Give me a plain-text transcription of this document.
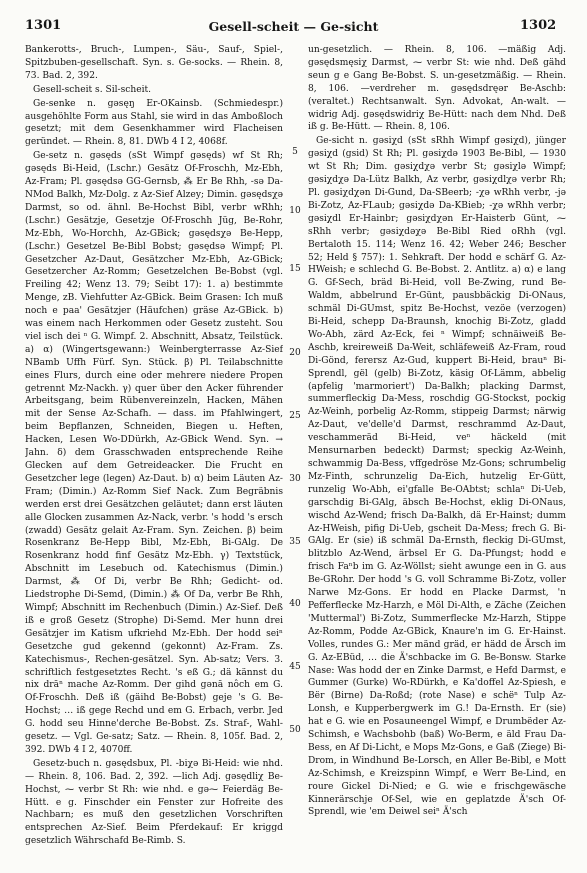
1301	Gesell-scheit — Ge-sicht	1302

Bankerotts-, Bruch-, Lumpen-, Säu-, Sauf-, Spiel-, Spitzbuben-gesellschaft. Syn. s. Ge-socks. — Rhein. 8, 73. Bad. 2, 392.

Gesell-scheit s. Sil-scheit.

Ge-senke n. gəsęŋ Er-OKainsb. (Schmiedespr.) ausgehöhlte Form aus Stahl, sie wird in das Amboßloch gesetzt; mit dem Gesenkhammer wird Flacheisen geründet. — Rhein. 8, 81. DWb 4 I 2, 4068f.

Ge-setz n. gəsęds (sSt Wimpf gəsęds) wf St Rh; gəsęds Bi-Heid, (Lschr.) Gesätz Of-Froschh, Mz-Ebh, Az-Fram; Pl. gəsędsə GG-Gernsb, ⁂ Er Be Rhh, -sə Da-NMod Balkh, Mz-Dolg. z Az-Sief Alzey; Dimin. gəsędsχə Darmst, so od. ähnl. Be-Hochst Bibl, verbr wRhh; (Lschr.) Gesätzje, Gesetzje Of-Froschh Jüg, Be-Rohr, Mz-Ebh, Wo-Horchh, Az-GBick; gəsędsχə Be-Hepp, (Lschr.) Gesetzel Be-Bibl Bobst; gəsędsə Wimpf; Pl. Gesetzcher Az-Daut, Gesätzcher Mz-Ebh, Az-GBick; Gesetzercher Az-Romm; Gesetzelchen Be-Bobst (vgl. Freiling 42; Wenz 13. 79; Seibt 17): 1. a) bestimmte Menge, zB. Viehfutter Az-GBick. Beim Grasen: Ich muß noch e paa' Gesätzjer (Häufchen) gräse Az-GBick. b) was einem nach Herkommen oder Gesetz zusteht. Sou viel isch dei ⁿ G. Wimpf. 2. Abschnitt, Absatz, Teilstück. a) α) (Wingertsgewann:) Weinbergterrasse Az-Sief NBamb Uffh Fürf. Syn. Stück. β) Pl. Teilabschnitte eines Flurs, durch eine oder mehrere niedere Propen getrennt Mz-Nackh. γ) quer über den Acker führender Arbeitsgang, beim Rübenvereinzeln, Hacken, Mähen mit der Sense Az-Schafh. — dass. im Pfahlwingert, beim Bepflanzen, Schneiden, Biegen u. Heften, Hacken, Lesen Wo-DDürkh, Az-GBick Wend. Syn. → Jahn. δ) dem Grasschwaden entsprechende Reihe Glecken auf dem Getreideacker. Die Frucht en Gesetzcher lege (legen) Az-Daut. b) α) beim Läuten Az-Fram; (Dimin.) Az-Romm Sief Nack. Zum Begräbnis werden erst drei Gesätzchen geläutet; dann erst läuten alle Glocken zusammen Az-Nack, verbr. 's hodd 's ersch (zwadd) Gesätz gelait Az-Fram. Syn. Zeichen. β) beim Rosenkranz Be-Hepp Bibl, Mz-Ebh, Bi-GAlg. De Rosenkranz hodd finf Gesätz Mz-Ebh. γ) Textstück, Abschnitt im Lesebuch od. Katechismus (Dimin.) Darmst, ⁂ Of Di, verbr Be Rhh; Gedicht- od. Liedstrophe Di-Semd, (Dimin.) ⁂ Of Da, verbr Be Rhh, Wimpf; Abschnitt im Rechenbuch (Dimin.) Az-Sief. Deß iß e groß Gesetz (Strophe) Di-Semd. Mer hunn drei Gesätzjer im Katism ufkriehd Mz-Ebh. Der hodd seiⁿ Gesetzche gud gekennd (gekonnt) Az-Fram. Zs. Katechismus-, Rechen-gesätzel. Syn. Ab-satz; Vers. 3. schriftlich festgesetztes Recht. 's eß G.; dä kännst du nix drāⁿ mache Az-Romm. Der gihd gənā nôch em G. Of-Froschh. Deß iß (gäihd Be-Bobst) geje 's G. Be-Hochst; … iß gege Rechd und em G. Erbach, verbr. Jed G. hodd seu Hinne'derche Be-Bobst. Zs. Straf-, Wahl-gesetz. — Vgl. Ge-satz; Satz. — Rhein. 8, 105f. Bad. 2, 392. DWb 4 I 2, 4070ff.

Gesetz-buch n. gəsędsbux, Pl. -biχə Bi-Heid: wie nhd. — Rhein. 8, 106. Bad. 2, 392. —lich Adj. gəsędliχ Be-Hochst, ⁓ verbr St Rh: wie nhd. e gə⁓ Feierdäg Be-Hütt. e g. Finschder ein Fenster zur Hofreite des Nachbarn; es muß den gesetzlichen Vorschriften entsprechen Az-Sief. Beim Pferdekauf: Er kriggd gesetzlich Währschafd Be-Rimb. S.

5
10
15
20
25
30
35
40
45
50

un-gesetzlich. — Rhein. 8, 106. —mäßig Adj. gəsędsmęsiχ Darmst, ⁓ verbr St: wie nhd. Deß gähd seun g e Gang Be-Bobst. S. un-gesetzmäßig. — Rhein. 8, 106. —verdreher m. gəsędsdręər Be-Aschb: (veraltet.) Rechtsanwalt. Syn. Advokat, An-walt. —widrig Adj. gəsędswidriχ Be-Hütt: nach dem Nhd. Deß iß g. Be-Hütt. — Rhein. 8, 106.

Ge-sicht n. gəsiχd (sSt sRhh Wimpf gəsiχd), jünger gəsiχd (gsid) St Rh; Pl. gəsiχdə 1903 Be-Bibl, — 1930 wt St Rh; Dim. gəsiχdχə verbr St; gəsiχlə Wimpf; gəsiχdχə Da-Lütz Balkh, Az verbr, gəsiχdlχə verbr Rh; Pl. gəsiχdχən Di-Gund, Da-SBeerb; -χə wRhh verbr, -jə Bi-Zotz, Az-FLaub; gəsiχdə Da-KBieb; -χə wRhh verbr; gəsiχdl Er-Hainbr; gəsiχdχən Er-Haisterb Günt, ⁓ sRhh verbr; gəsiχdəχə Be-Bibl Ried oRhh (vgl. Bertaloth 15. 114; Wenz 16. 42; Weber 246; Bescher 52; Held § 757): 1. Sehkraft. Der hodd e schärf G. Az-HWeish; e schlechd G. Be-Bobst. 2. Antlitz. a) α) e lang G. Gf-Sech, bräd Bi-Heid, voll Be-Zwing, rund Be-Waldm, abbelrund Er-Günt, pausbbäckig Di-ONaus, schmäl Di-GUmst, spitz Be-Hochst, vezöe (verzogen) Bi-Heid, schepp Da-Braunsh, knochig Bi-Zotz, gladd Wo-Abh, zärd Az-Eck, fei ⁿ Wimpf; schnäiweiß Be-Aschb, kreireweiß Da-Weit, schläfeweiß Az-Fram, roud Di-Gönd, ferersz Az-Gud, kuppert Bi-Heid, brauⁿ Bi-Sprendl, gël (gelb) Bi-Zotz, käsig Of-Lämm, abbelig (apfelig 'marmoriert') Da-Balkh; placking Darmst, summerfleckig Da-Mess, roschdig GG-Stockst, pockig Az-Weinh, porbelig Az-Romm, stippeig Darmst; närwig Az-Daut, ve'delle'd Darmst, reschrammd Az-Daut, veschammeräd Bi-Heid, veⁿ häckeld (mit Mensurnarben bedeckt) Darmst; speckig Az-Weinh, schwammig Da-Bess, vffgedröse Mz-Gons; schrumbelig Mz-Finth, schrunzelig Da-Eich, hutzelig Er-Gütt, runzelig Wo-Abh, ei'gfalle Be-OAbtst; schlaⁿ Di-Ueb, garschdig Bi-GAlg, äbsch Be-Hochst, eklig Di-ONaus, wischd Az-Wend; frisch Da-Balkh, dä Er-Hainst; dumm Az-HWeish, pifig Di-Ueb, gscheit Da-Mess; frech G. Bi-GAlg. Er (sie) iß schmäl Da-Ernsth, fleckig Di-GUmst, blitzblo Az-Wend, ärbsel Er G. Da-Pfungst; hodd e frisch Faⁿb im G. Az-Wöllst; sieht awunge een in G. aus Be-GRohr. Der hodd 's G. voll Schramme Bi-Zotz, voller Narwe Mz-Gons. Er hodd en Placke Darmst, 'n Pefferflecke Mz-Harzh, e Möl Di-Alth, e Zäche (Zeichen 'Muttermal') Bi-Zotz, Summerflecke Mz-Harzh, Stippe Az-Romm, Podde Az-GBick, Knaure'n im G. Er-Hainst. Volles, rundes G.: Mer mänd gräd, er hädd de Ärsch im G. Az-EBüd, … die Ä'schbacke im G. Be-Bonsw. Starke Nase: Was hodd der en Zinke Darmst, e Hefd Darmst, e Gummer (Gurke) Wo-RDürkh, e Ka'doffel Az-Spiesh, e Bër (Birne) Da-Roßd; (rote Nase) e schëⁿ Tulp Az-Lonsh, e Kupperbergwerk im G.! Da-Ernsth. Er (sie) hat e G. wie en Posauneengel Wimpf, e Drumbëder Az-Schimsh, e Wachsbohb (baß) Wo-Berm, e äld Frau Da-Bess, en Af Di-Licht, e Mops Mz-Gons, e Gaß (Ziege) Bi-Drom, in Windhund Be-Lorsch, en Aller Be-Bibl, e Mott Az-Schimsh, e Kreizspinn Wimpf, e Werr Be-Lind, en roure Gickel Di-Nied; e G. wie e frischgewäsche Kinnerärschje Of-Sel, wie en geplatzde Ä'sch Of-Sprendl, wie 'em Deiwel seiⁿ Ä'sch
